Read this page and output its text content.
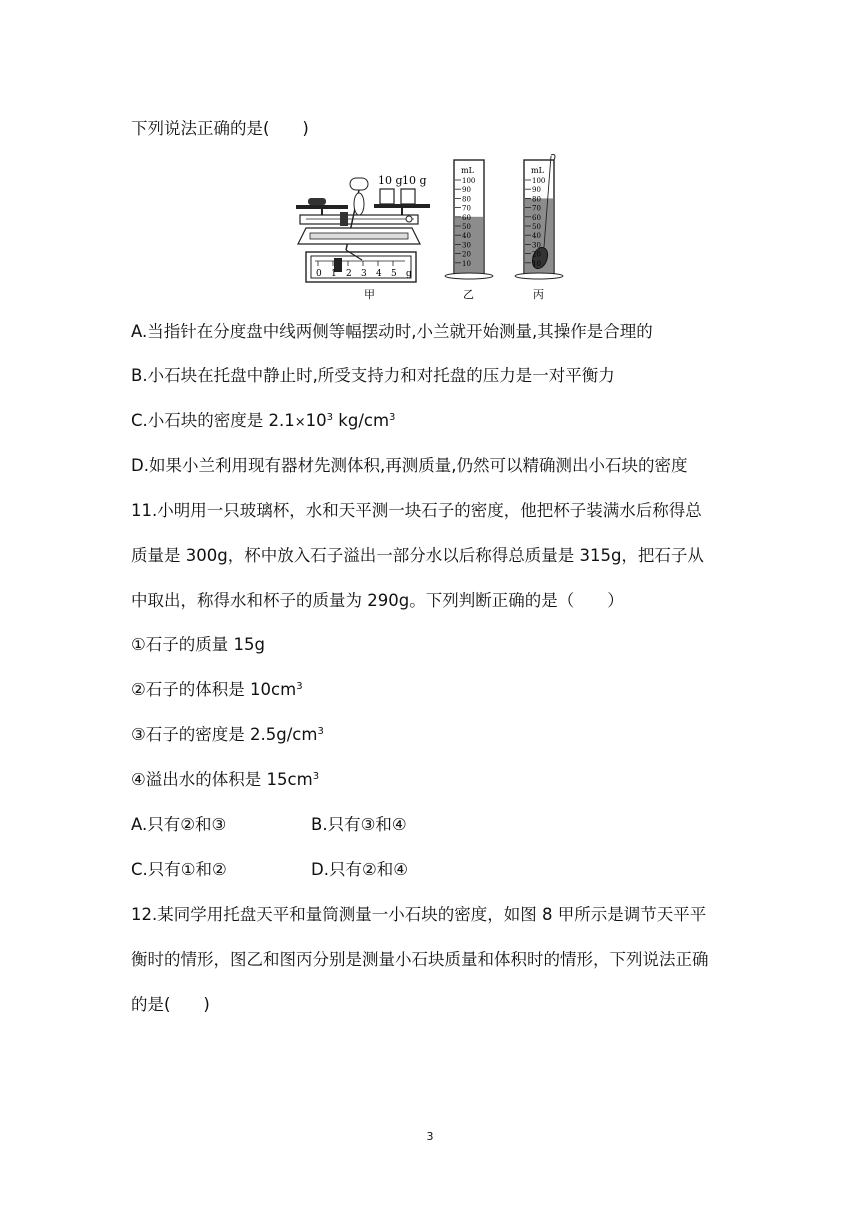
下列说法正确的是(　　)
0 1 2 3 4 5 g
10 g 10 g	100
90
80
70
60
50
40
30
20
10
mL
100
90
80
70
60
50
40
30
20
10
mL
甲	乙	丙
A.当指针在分度盘中线两侧等幅摆动时,小兰就开始测量,其操作是合理的
B.小石块在托盘中静止时,所受支持力和对托盘的压力是一对平衡力
C.小石块的密度是 $2.1\times 10^3$ $kg/cm^3$
D.如果小兰利用现有器材先测体积,再测质量,仍然可以精确测出小石块的密度
11.小明用一只玻璃杯，水和天平测一块石子的密度，他把杯子装满水后称得总
质量是 300g，杯中放入石子溢出一部分水以后称得总质量是 315g，把石子从
中取出，称得水和杯子的质量为 290g。下列判断正确的是（　　）
①石子的质量 15g
②石子的体积是 $10cm^3$
③石子的密度是 $2.5g/cm^3$
④溢出水的体积是 $15cm^3$
A.只有②和③	B.只有③和④
C.只有①和②	D.只有②和④
12.某同学用托盘天平和量筒测量一小石块的密度，如图 8 甲所示是调节天平平
衡时的情形，图乙和图丙分别是测量小石块质量和体积时的情形，下列说法正确
的是(　　)
3
